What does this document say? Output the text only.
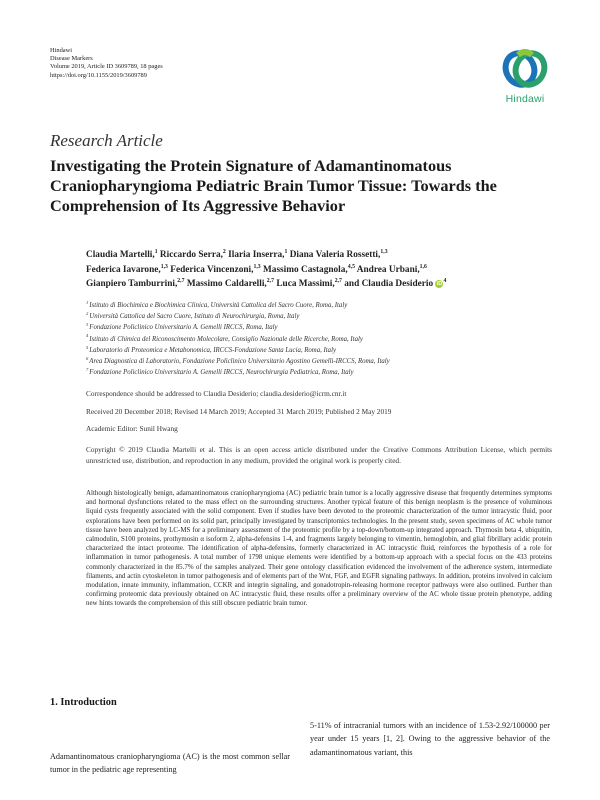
Hindawi
Disease Markers
Volume 2019, Article ID 3609789, 18 pages
https://doi.org/10.1155/2019/3609789
Hindawi
Research Article
Investigating the Protein Signature of Adamantinomatous Craniopharyngioma Pediatric Brain Tumor Tissue: Towards the Comprehension of Its Aggressive Behavior
Claudia Martelli,$^1$ Riccardo Serra,$^2$ Ilaria Inserra,$^1$ Diana Valeria Rossetti,$^{1,3}$
Federica Iavarone,$^{1,3}$ Federica Vincenzoni,$^{1,3}$ Massimo Castagnola,$^{4,5}$ Andrea Urbani,$^{1,6}$
Gianpiero Tamburrini,$^{2,7}$ Massimo Caldarelli,$^{2,7}$ Luca Massimi,$^{2,7}$ and Claudia Desiderio $iD^4$
$^1$Istituto di Biochimica e Biochimica Clinica, Università Cattolica del Sacro Cuore, Roma, Italy
$^2$Università Cattolica del Sacro Cuore, Istituto di Neurochirurgia, Roma, Italy
$^3$Fondazione Policlinico Universitario A. Gemelli IRCCS, Roma, Italy
$^4$Istituto di Chimica del Riconoscimento Molecolare, Consiglio Nazionale delle Ricerche, Roma, Italy
$^5$Laboratorio di Proteomica e Metabonomica, IRCCS-Fondazione Santa Lucia, Roma, Italy
$^6$Area Diagnostica di Laboratorio, Fondazione Policlinico Universitario Agostino Gemelli-IRCCS, Roma, Italy
$^7$Fondazione Policlinico Universitario A. Gemelli IRCCS, Neurochirurgia Pediatrica, Roma, Italy
Correspondence should be addressed to Claudia Desiderio; claudia.desiderio@icrm.cnr.it
Received 20 December 2018; Revised 14 March 2019; Accepted 31 March 2019; Published 2 May 2019
Academic Editor: Sunil Hwang
Copyright © 2019 Claudia Martelli et al. This is an open access article distributed under the Creative Commons Attribution License, which permits unrestricted use, distribution, and reproduction in any medium, provided the original work is properly cited.
Although histologically benign, adamantinomatous craniopharyngioma (AC) pediatric brain tumor is a locally aggressive disease that frequently determines symptoms and hormonal dysfunctions related to the mass effect on the surrounding structures. Another typical feature of this benign neoplasm is the presence of voluminous liquid cysts frequently associated with the solid component. Even if studies have been devoted to the proteomic characterization of the tumor intracystic fluid, poor explorations have been performed on its solid part, principally investigated by transcriptomics technologies. In the present study, seven specimens of AC whole tumor tissue have been analyzed by LC-MS for a preliminary assessment of the proteomic profile by a top-down/bottom-up integrated approach. Thymosin beta 4, ubiquitin, calmodulin, S100 proteins, prothymosin α isoform 2, alpha-defensins 1-4, and fragments largely belonging to vimentin, hemoglobin, and glial fibrillary acidic protein characterized the intact proteome. The identification of alpha-defensins, formerly characterized in AC intracystic fluid, reinforces the hypothesis of a role for inflammation in tumor pathogenesis. A total number of 1798 unique elements were identified by a bottom-up approach with a special focus on the 433 proteins commonly characterized in the 85.7% of the samples analyzed. Their gene ontology classification evidenced the involvement of the adherence system, intermediate filaments, and actin cytoskeleton in tumor pathogenesis and of elements part of the Wnt, FGF, and EGFR signaling pathways. In addition, proteins involved in calcium modulation, innate immunity, inflammation, CCKR and integrin signaling, and gonadotropin-releasing hormone receptor pathways were also outlined. Further than confirming proteomic data previously obtained on AC intracystic fluid, these results offer a preliminary overview of the AC whole tissue protein phenotype, adding new hints towards the comprehension of this still obscure pediatric brain tumor.
1. Introduction
Adamantinomatous craniopharyngioma (AC) is the most common sellar tumor in the pediatric age representing
5-11% of intracranial tumors with an incidence of 1.53-2.92/100000 per year under 15 years [1, 2]. Owing to the aggressive behavior of the adamantinomatous variant, this
